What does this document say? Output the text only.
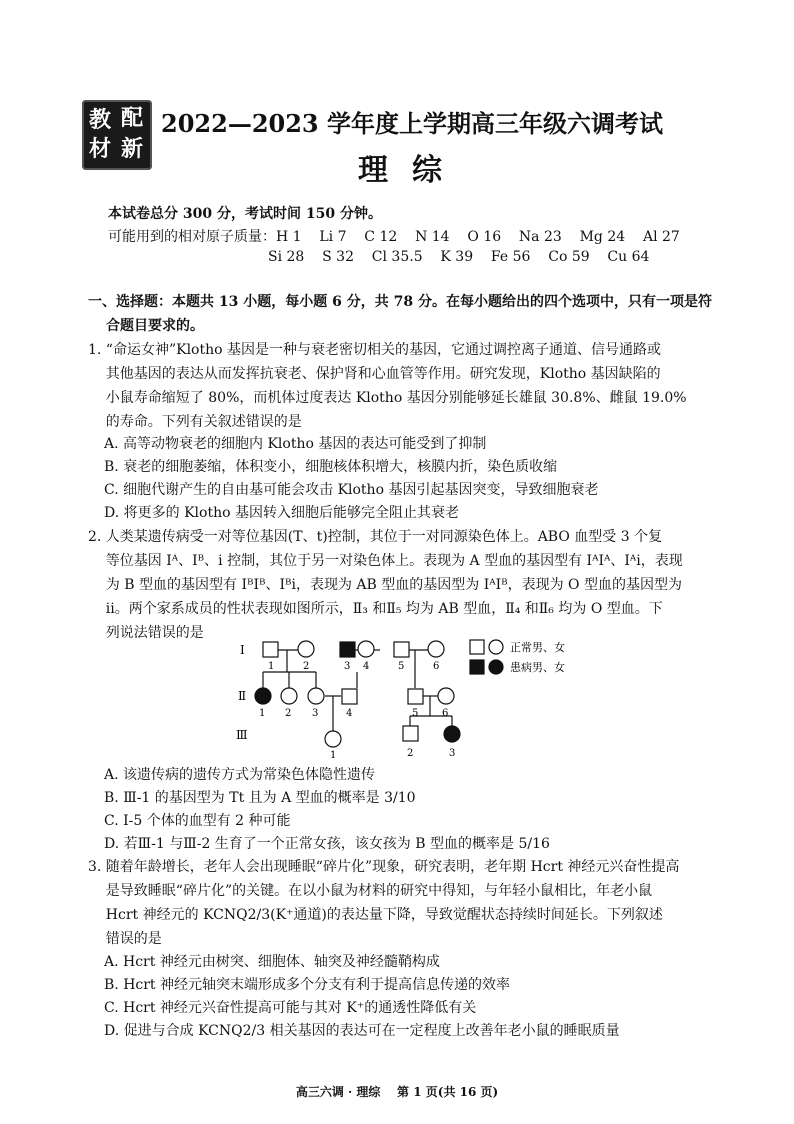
教 配
材 新
2022—2023 学年度上学期高三年级六调考试
理综
本试卷总分 300 分，考试时间 150 分钟。
可能用到的相对原子质量：H 1    Li 7    C 12    N 14    O 16    Na 23    Mg 24    Al 27
Si 28    S 32    Cl 35.5    K 39    Fe 56    Co 59    Cu 64
一、选择题：本题共 13 小题，每小题 6 分，共 78 分。在每小题给出的四个选项中，只有一项是符
合题目要求的。
1. “命运女神”Klotho 基因是一种与衰老密切相关的基因，它通过调控离子通道、信号通路或
其他基因的表达从而发挥抗衰老、保护肾和心血管等作用。研究发现，Klotho 基因缺陷的
小鼠寿命缩短了 80%，而机体过度表达 Klotho 基因分别能够延长雄鼠 30.8%、雌鼠 19.0%
的寿命。下列有关叙述错误的是
A. 高等动物衰老的细胞内 Klotho 基因的表达可能受到了抑制
B. 衰老的细胞萎缩，体积变小，细胞核体积增大，核膜内折，染色质收缩
C. 细胞代谢产生的自由基可能会攻击 Klotho 基因引起基因突变，导致细胞衰老
D. 将更多的 Klotho 基因转入细胞后能够完全阻止其衰老
2. 人类某遗传病受一对等位基因(T、t)控制，其位于一对同源染色体上。ABO 血型受 3 个复
等位基因 Iᴬ、Iᴮ、i 控制，其位于另一对染色体上。表现为 A 型血的基因型有 IᴬIᴬ、Iᴬi，表现
为 B 型血的基因型有 IᴮIᴮ、Iᴮi，表现为 AB 型血的基因型为 IᴬIᴮ，表现为 O 型血的基因型为
ii。两个家系成员的性状表现如图所示，Ⅱ₃ 和Ⅱ₅ 均为 AB 型血，Ⅱ₄ 和Ⅱ₆ 均为 O 型血。下
列说法错误的是
Ⅰ
Ⅱ
Ⅲ
1	2	3 4	5	6
1 2 3	4	5 6
1	2	3
正常男、女
患病男、女
A. 该遗传病的遗传方式为常染色体隐性遗传
B. Ⅲ-1 的基因型为 Tt 且为 A 型血的概率是 3/10
C. Ⅰ-5 个体的血型有 2 种可能
D. 若Ⅲ-1 与Ⅲ-2 生育了一个正常女孩，该女孩为 B 型血的概率是 5/16
3. 随着年龄增长，老年人会出现睡眠“碎片化”现象，研究表明，老年期 Hcrt 神经元兴奋性提高
是导致睡眠“碎片化”的关键。在以小鼠为材料的研究中得知，与年轻小鼠相比，年老小鼠
Hcrt 神经元的 KCNQ2/3(K⁺通道)的表达量下降，导致觉醒状态持续时间延长。下列叙述
错误的是
A. Hcrt 神经元由树突、细胞体、轴突及神经髓鞘构成
B. Hcrt 神经元轴突末端形成多个分支有利于提高信息传递的效率
C. Hcrt 神经元兴奋性提高可能与其对 K⁺的通透性降低有关
D. 促进与合成 KCNQ2/3 相关基因的表达可在一定程度上改善年老小鼠的睡眠质量
高三六调 · 理综    第 1 页(共 16 页)
